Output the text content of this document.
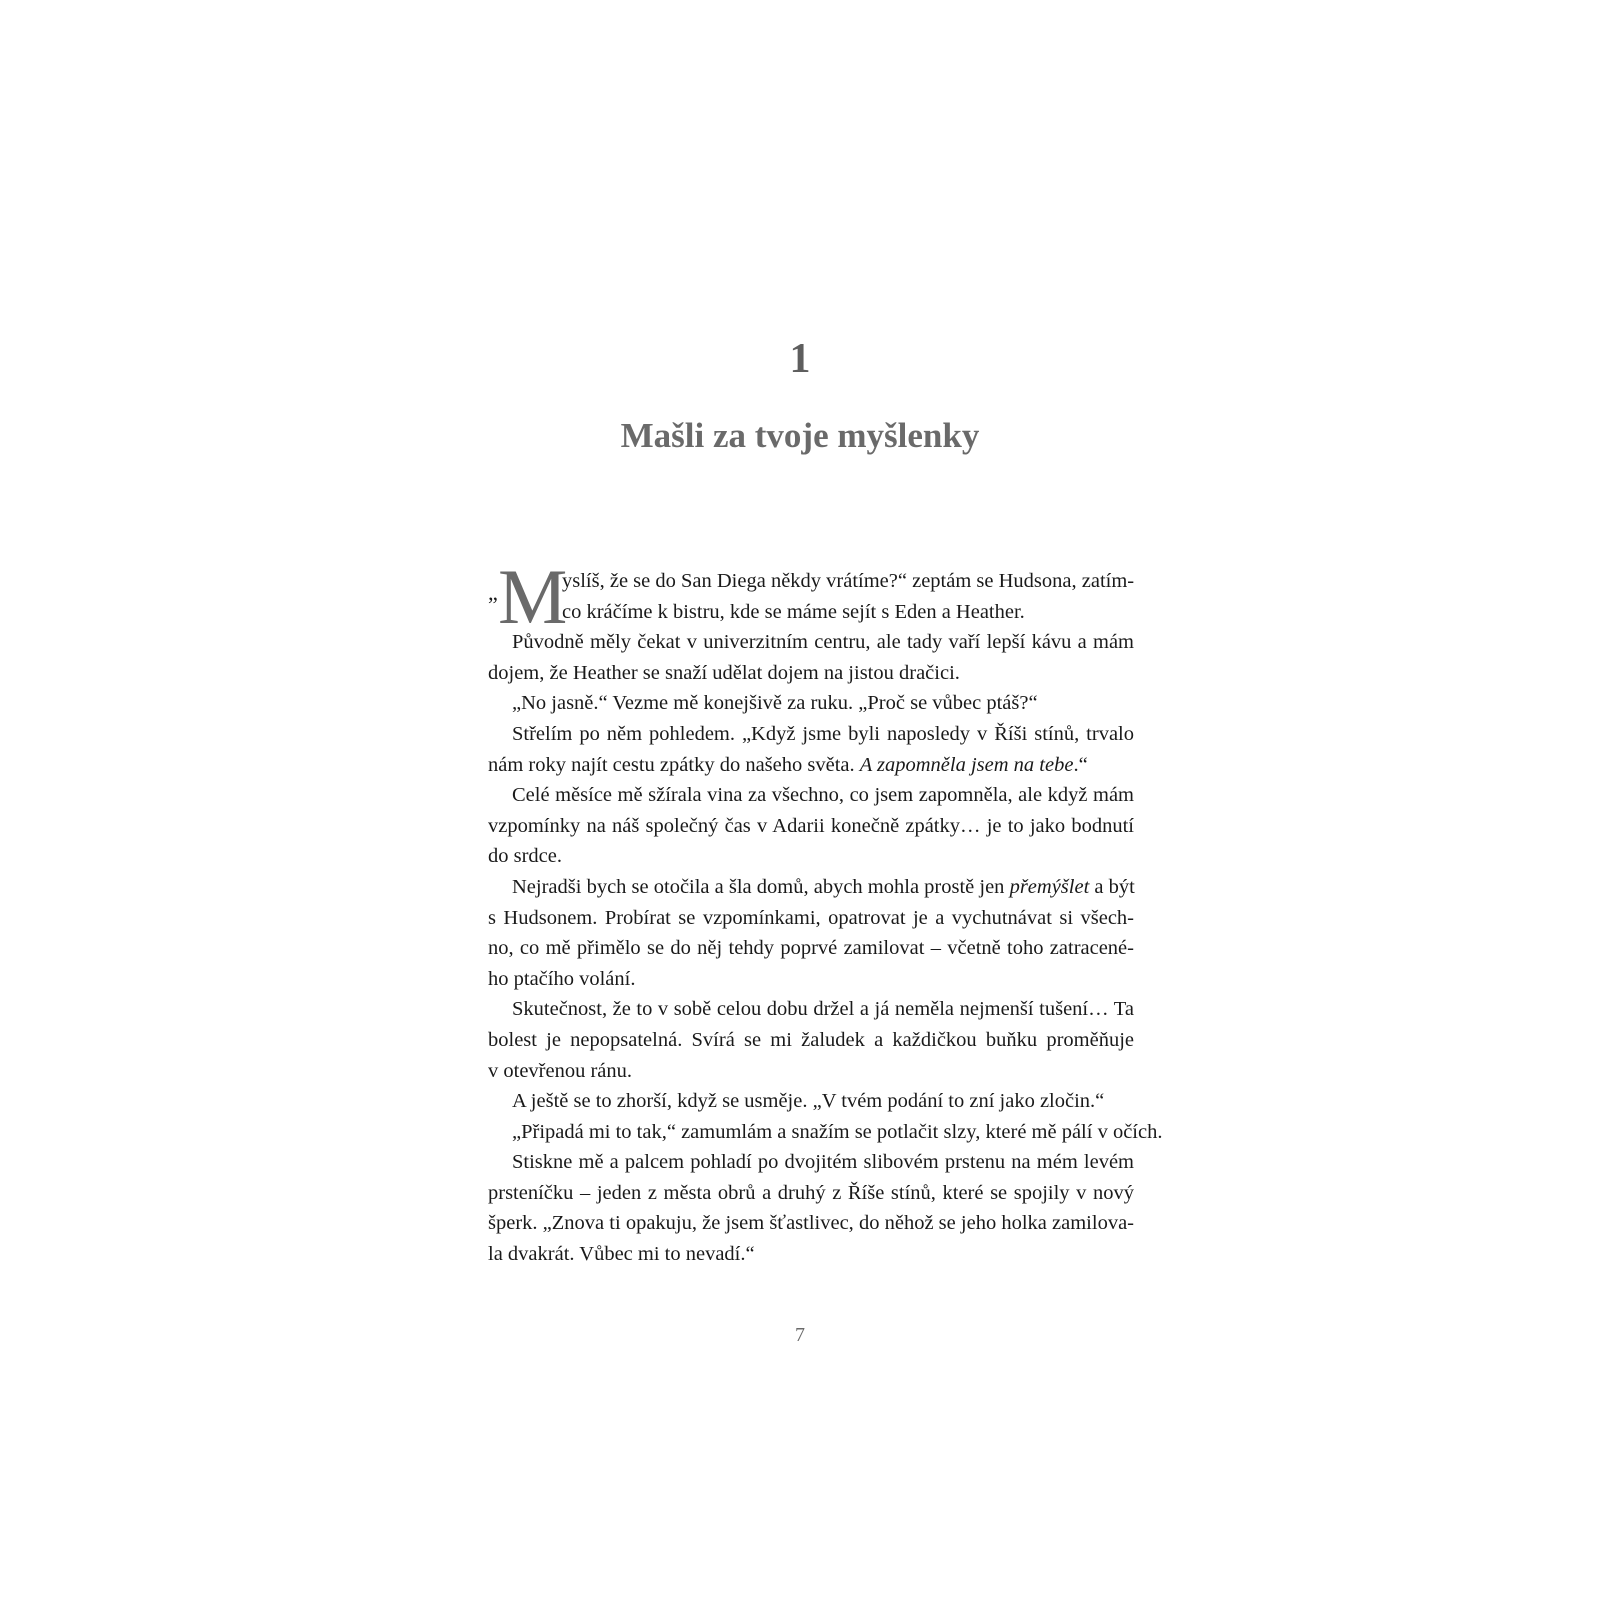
1
Mašli za tvoje myšlenky
„ M
yslíš, že se do San Diega někdy vrátíme?“ zeptám se Hudsona, zatím-
co kráčíme k bistru, kde se máme sejít s Eden a Heather.
Původně měly čekat v univerzitním centru, ale tady vaří lepší kávu a mám
dojem, že Heather se snaží udělat dojem na jistou dračici.
„No jasně.“ Vezme mě konejšivě za ruku. „Proč se vůbec ptáš?“
Střelím po něm pohledem. „Když jsme byli naposledy v Říši stínů, trvalo
nám roky najít cestu zpátky do našeho světa. A zapomněla jsem na tebe.“
Celé měsíce mě sžírala vina za všechno, co jsem zapomněla, ale když mám
vzpomínky na náš společný čas v Adarii konečně zpátky… je to jako bodnutí
do srdce.
Nejradši bych se otočila a šla domů, abych mohla prostě jen přemýšlet a být
s Hudsonem. Probírat se vzpomínkami, opatrovat je a vychutnávat si všech-
no, co mě přimělo se do něj tehdy poprvé zamilovat – včetně toho zatracené-
ho ptačího volání.
Skutečnost, že to v sobě celou dobu držel a já neměla nejmenší tušení… Ta
bolest je nepopsatelná. Svírá se mi žaludek a každičkou buňku proměňuje
v otevřenou ránu.
A ještě se to zhorší, když se usměje. „V tvém podání to zní jako zločin.“
„Připadá mi to tak,“ zamumlám a snažím se potlačit slzy, které mě pálí v očích.
Stiskne mě a palcem pohladí po dvojitém slibovém prstenu na mém levém
prsteníčku – jeden z města obrů a druhý z Říše stínů, které se spojily v nový
šperk. „Znova ti opakuju, že jsem šťastlivec, do něhož se jeho holka zamilova-
la dvakrát. Vůbec mi to nevadí.“
7
